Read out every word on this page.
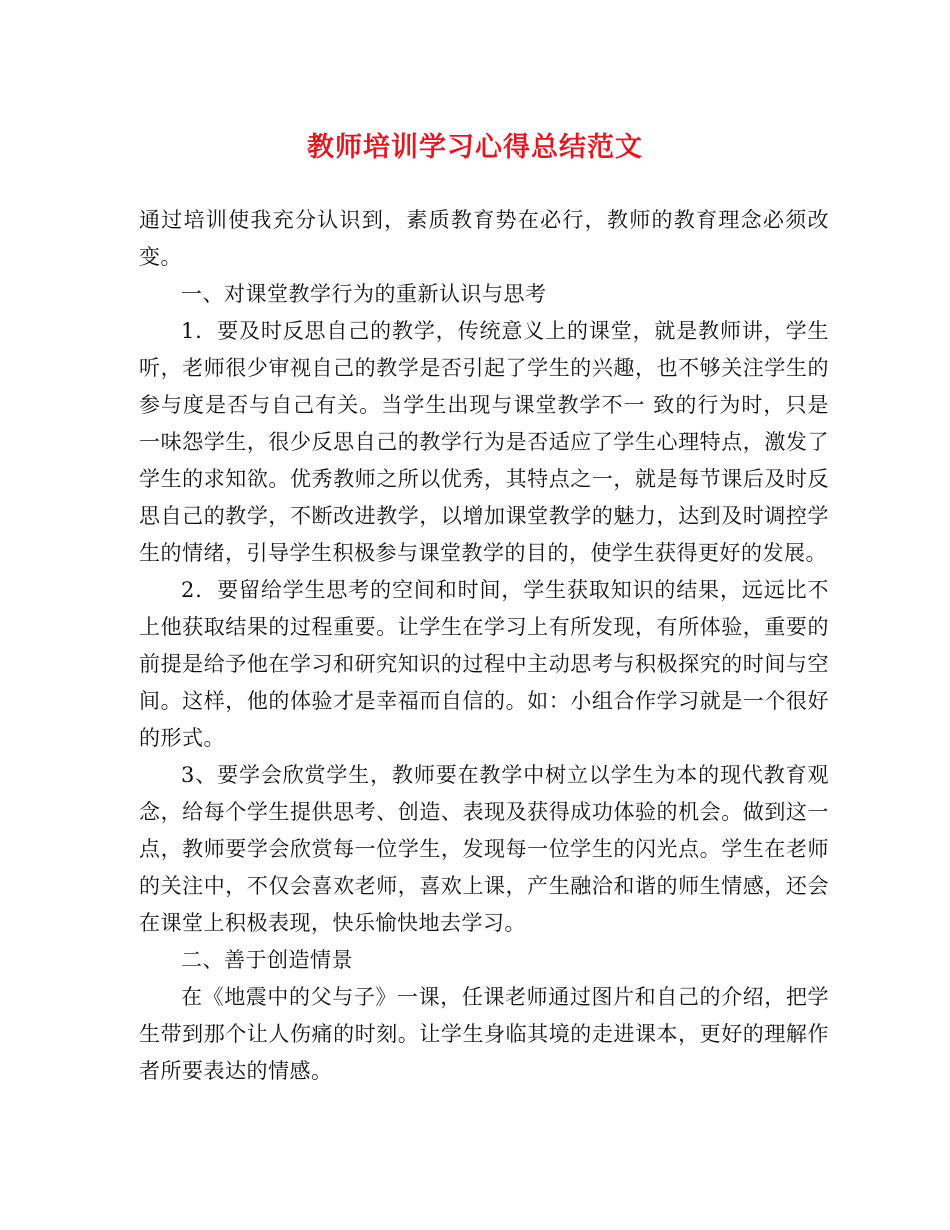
教师培训学习心得总结范文

通过培训使我充分认识到，素质教育势在必行，教师的教育理念必须改变。

一、对课堂教学行为的重新认识与思考

1．要及时反思自己的教学，传统意义上的课堂，就是教师讲，学生听，老师很少审视自己的教学是否引起了学生的兴趣，也不够关注学生的参与度是否与自己有关。当学生出现与课堂教学不一 致的行为时，只是一味怨学生，很少反思自己的教学行为是否适应了学生心理特点，激发了学生的求知欲。优秀教师之所以优秀，其特点之一，就是每节课后及时反思自己的教学，不断改进教学，以增加课堂教学的魅力，达到及时调控学生的情绪，引导学生积极参与课堂教学的目的，使学生获得更好的发展。

2．要留给学生思考的空间和时间，学生获取知识的结果，远远比不上他获取结果的过程重要。让学生在学习上有所发现，有所体验，重要的前提是给予他在学习和研究知识的过程中主动思考与积极探究的时间与空间。这样，他的体验才是幸福而自信的。如：小组合作学习就是一个很好的形式。

3、要学会欣赏学生，教师要在教学中树立以学生为本的现代教育观念，给每个学生提供思考、创造、表现及获得成功体验的机会。做到这一点，教师要学会欣赏每一位学生，发现每一位学生的闪光点。学生在老师的关注中，不仅会喜欢老师，喜欢上课，产生融洽和谐的师生情感，还会在课堂上积极表现，快乐愉快地去学习。

二、善于创造情景

在《地震中的父与子》一课，任课老师通过图片和自己的介绍，把学生带到那个让人伤痛的时刻。让学生身临其境的走进课本，更好的理解作者所要表达的情感。
